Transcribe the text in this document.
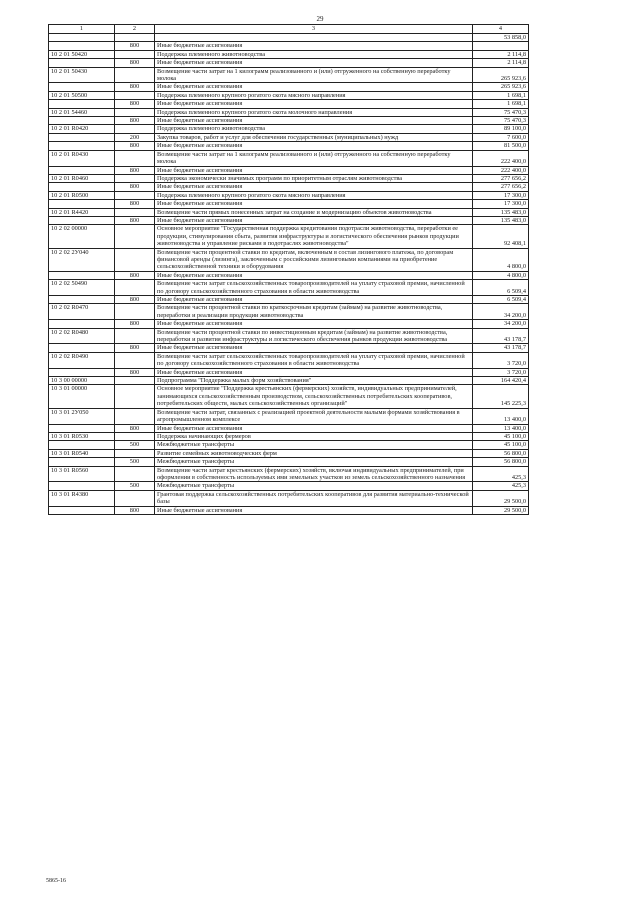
29
1	2	3	4
			53 858,0
	800	Иные бюджетные ассигнования	
10 2 01 50420		Поддержка племенного животноводства	2 114,8
	800	Иные бюджетные ассигнования	2 114,8
10 2 01 50430		Возмещение части затрат на 1 килограмм реализованного и (или) отгруженного на собственную переработку молока	265 923,6
	800	Иные бюджетные ассигнования	265 923,6
10 2 01 50500		Поддержка племенного крупного рогатого скота мясного направления	1 698,1
	800	Иные бюджетные ассигнования	1 698,1
10 2 01 54460		Поддержка племенного крупного рогатого скота молочного направления	75 470,3
	800	Иные бюджетные ассигнования	75 470,3
10 2 01 R0420		Поддержка племенного животноводства	89 100,0
	200	Закупка товаров, работ и услуг для обеспечения государственных (муниципальных) нужд	7 600,0
	800	Иные бюджетные ассигнования	81 500,0
10 2 01 R0430		Возмещение части затрат на 1 килограмм реализованного и (или) отгруженного на собственную переработку молока	222 400,0
	800	Иные бюджетные ассигнования	222 400,0
10 2 01 R0460		Поддержка экономически значимых программ по приоритетным отраслям животноводства	277 656,2
	800	Иные бюджетные ассигнования	277 656,2
10 2 01 R0500		Поддержка племенного крупного рогатого скота мясного направления	17 300,0
	800	Иные бюджетные ассигнования	17 300,0
10 2 01 R4420		Возмещение части прямых понесенных затрат на создание и модернизацию объектов животноводства	135 483,0
	800	Иные бюджетные ассигнования	135 483,0
10 2 02 00000		Основное мероприятие "Государственная поддержка кредитования подотрасли животноводства, переработки ее продукции, стимулирования сбыта, развития инфраструктуры и логистического обеспечения рынков продукции животноводства и управление рисками в подотраслях животноводства"	92 408,1
10 2 02 2У040		Возмещение части процентной ставки по кредитам, включенным в состав лизингового платежа, по договорам финансовой аренды (лизинга), заключенным с российскими лизинговыми компаниями на приобретение сельскохозяйственной техники и оборудования	4 800,0
	800	Иные бюджетные ассигнования	4 800,0
10 2 02 50490		Возмещение части затрат сельскохозяйственных товаропроизводителей на уплату страховой премии, начисленной по договору сельскохозяйственного страхования в области животноводства	6 509,4
	800	Иные бюджетные ассигнования	6 509,4
10 2 02 R0470		Возмещение части процентной ставки по краткосрочным кредитам (займам) на развитие животноводства, переработки и реализации продукции животноводства	34 200,0
	800	Иные бюджетные ассигнования	34 200,0
10 2 02 R0480		Возмещение части процентной ставки по инвестиционным кредитам (займам) на развитие животноводства, переработки и развития инфраструктуры и логистического обеспечения рынков продукции животноводства	43 178,7
	800	Иные бюджетные ассигнования	43 178,7
10 2 02 R0490		Возмещение части затрат сельскохозяйственных товаропроизводителей на уплату страховой премии, начисленной по договору сельскохозяйственного страхования в области животноводства	3 720,0
	800	Иные бюджетные ассигнования	3 720,0
10 3 00 00000		Подпрограмма "Поддержка малых форм хозяйствования"	164 420,4
10 3 01 00000		Основное мероприятие "Поддержка крестьянских (фермерских) хозяйств, индивидуальных предпринимателей, занимающихся сельскохозяйственным производством, сельскохозяйственных потребительских кооперативов, потребительских обществ, малых сельскохозяйственных организаций"	145 225,3
10 3 01 2У050		Возмещение части затрат, связанных с реализацией проектной деятельности малыми формами хозяйствования в агропромышленном комплексе	13 400,0
	800	Иные бюджетные ассигнования	13 400,0
10 3 01 R0530		Поддержка начинающих фермеров	45 100,0
	500	Межбюджетные трансферты	45 100,0
10 3 01 R0540		Развитие семейных животноводческих ферм	56 800,0
	500	Межбюджетные трансферты	56 800,0
10 3 01 R0560		Возмещение части затрат крестьянских (фермерских) хозяйств, включая индивидуальных предпринимателей, при оформлении в собственность используемых ими земельных участков из земель сельскохозяйственного назначения	425,3
	500	Межбюджетные трансферты	425,3
10 3 01 R4380		Грантовая поддержка сельскохозяйственных потребительских кооперативов для развития материально-технической базы	29 500,0
	800	Иные бюджетные ассигнования	29 500,0
5865-16
